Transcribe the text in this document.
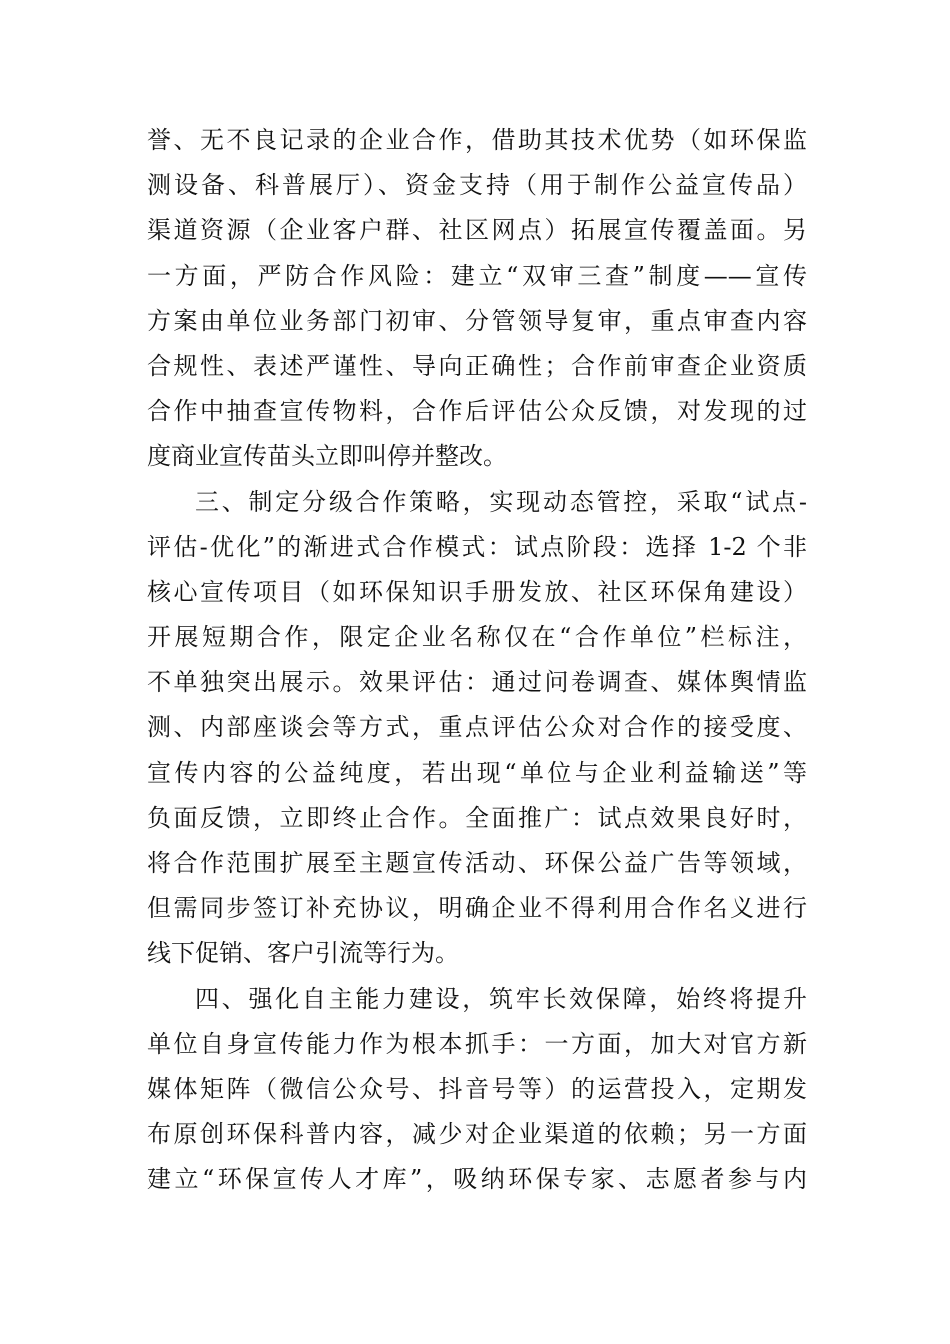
誉、无不良记录的企业合作，借助其技术优势（如环保监
测设备、科普展厅）、资金支持（用于制作公益宣传品）
渠道资源（企业客户群、社区网点）拓展宣传覆盖面。另
一方面，严防合作风险：建立“双审三查”制度——宣传
方案由单位业务部门初审、分管领导复审，重点审查内容
合规性、表述严谨性、导向正确性；合作前审查企业资质
合作中抽查宣传物料，合作后评估公众反馈，对发现的过
度商业宣传苗头立即叫停并整改。
三、制定分级合作策略，实现动态管控，采取“试点-
评估-优化”的渐进式合作模式：试点阶段：选择 1-2 个非
核心宣传项目（如环保知识手册发放、社区环保角建设）
开展短期合作，限定企业名称仅在“合作单位”栏标注，
不单独突出展示。效果评估：通过问卷调查、媒体舆情监
测、内部座谈会等方式，重点评估公众对合作的接受度、
宣传内容的公益纯度，若出现“单位与企业利益输送”等
负面反馈，立即终止合作。全面推广：试点效果良好时，
将合作范围扩展至主题宣传活动、环保公益广告等领域，
但需同步签订补充协议，明确企业不得利用合作名义进行
线下促销、客户引流等行为。
四、强化自主能力建设，筑牢长效保障，始终将提升
单位自身宣传能力作为根本抓手：一方面，加大对官方新
媒体矩阵（微信公众号、抖音号等）的运营投入，定期发
布原创环保科普内容，减少对企业渠道的依赖；另一方面
建立“环保宣传人才库”，吸纳环保专家、志愿者参与内
